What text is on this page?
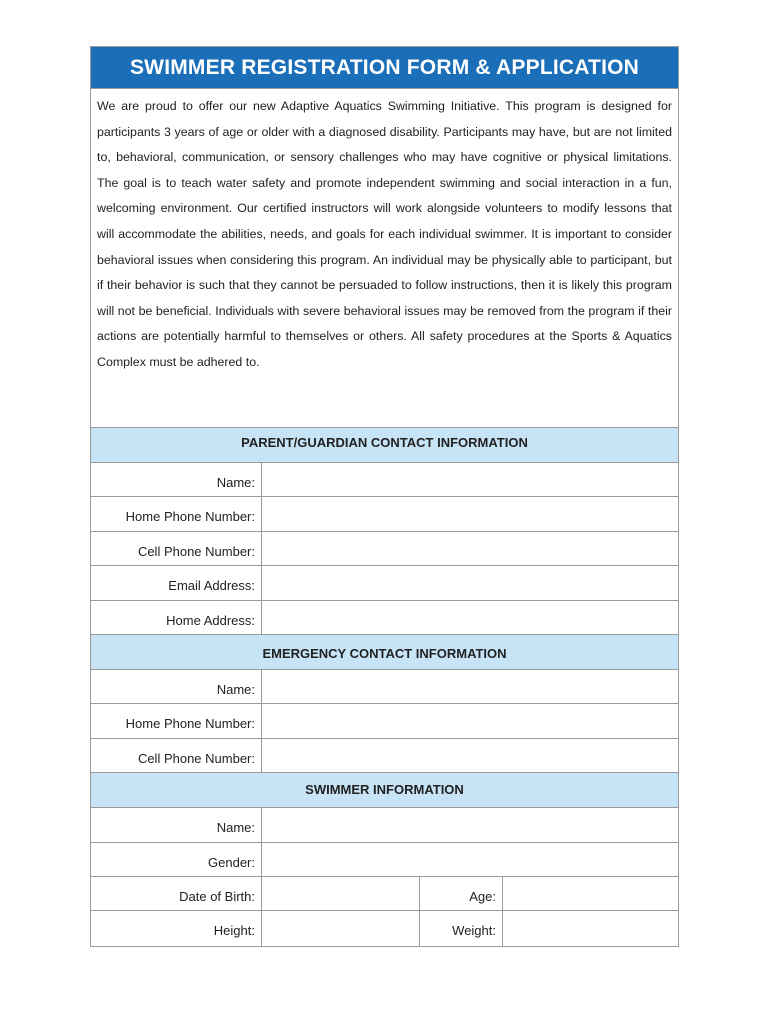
SWIMMER REGISTRATION FORM & APPLICATION
We are proud to offer our new Adaptive Aquatics Swimming Initiative. This program is designed for participants 3 years of age or older with a diagnosed disability. Participants may have, but are not limited to, behavioral, communication, or sensory challenges who may have cognitive or physical limitations. The goal is to teach water safety and promote independent swimming and social interaction in a fun, welcoming environment. Our certified instructors will work alongside volunteers to modify lessons that will accommodate the abilities, needs, and goals for each individual swimmer. It is important to consider behavioral issues when considering this program. An individual may be physically able to participant, but if their behavior is such that they cannot be persuaded to follow instructions, then it is likely this program will not be beneficial. Individuals with severe behavioral issues may be removed from the program if their actions are potentially harmful to themselves or others. All safety procedures at the Sports & Aquatics Complex must be adhered to.
PARENT/GUARDIAN CONTACT INFORMATION
Name:
Home Phone Number:
Cell Phone Number:
Email Address:
Home Address:
EMERGENCY CONTACT INFORMATION
Name:
Home Phone Number:
Cell Phone Number:
SWIMMER INFORMATION
Name:
Gender:
Date of Birth:	Age:
Height:	Weight:
